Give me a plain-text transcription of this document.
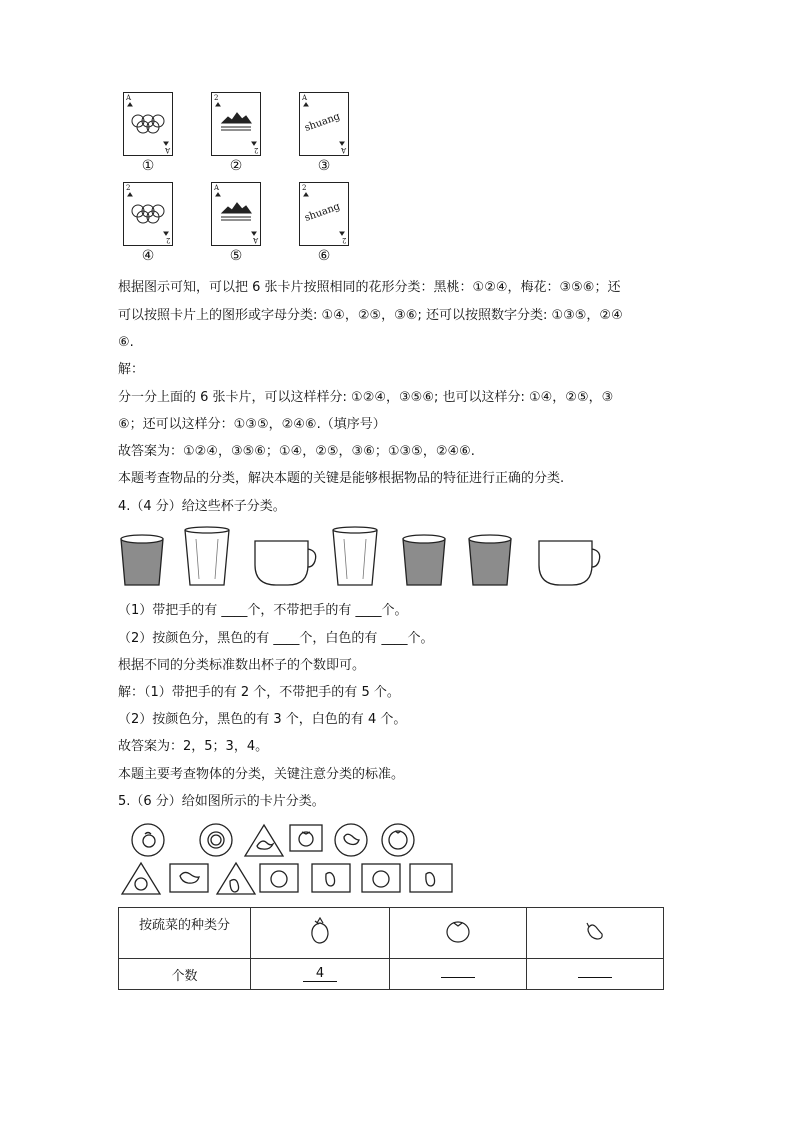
A
A
①
2
2
②
A
A
shuang
③
2
2
④
A
A
⑤
2
2
shuang
⑥
根据图示可知，可以把 6 张卡片按照相同的花形分类：黑桃：①②④，梅花：③⑤⑥；还
可以按照卡片上的图形或字母分类: ①④，②⑤，③⑥; 还可以按照数字分类: ①③⑤，②④
⑥.
解：
分一分上面的 6 张卡片，可以这样样分: ①②④，③⑤⑥; 也可以这样分: ①④，②⑤，③
⑥；还可以这样分：①③⑤，②④⑥.（填序号）
故答案为：①②④，③⑤⑥；①④，②⑤，③⑥；①③⑤，②④⑥.
本题考查物品的分类，解决本题的关键是能够根据物品的特征进行正确的分类.
4.（4 分）给这些杯子分类。
（1）带把手的有 ____个，不带把手的有 ____个。
（2）按颜色分，黑色的有 ____个，白色的有 ____个。
根据不同的分类标准数出杯子的个数即可。
解：（1）带把手的有 2 个，不带把手的有 5 个。
（2）按颜色分，黑色的有 3 个，白色的有 4 个。
故答案为：2，5；3，4。
本题主要考查物体的分类，关键注意分类的标准。
5.（6 分）给如图所示的卡片分类。
按疏菜的种类分			
个数	4		
